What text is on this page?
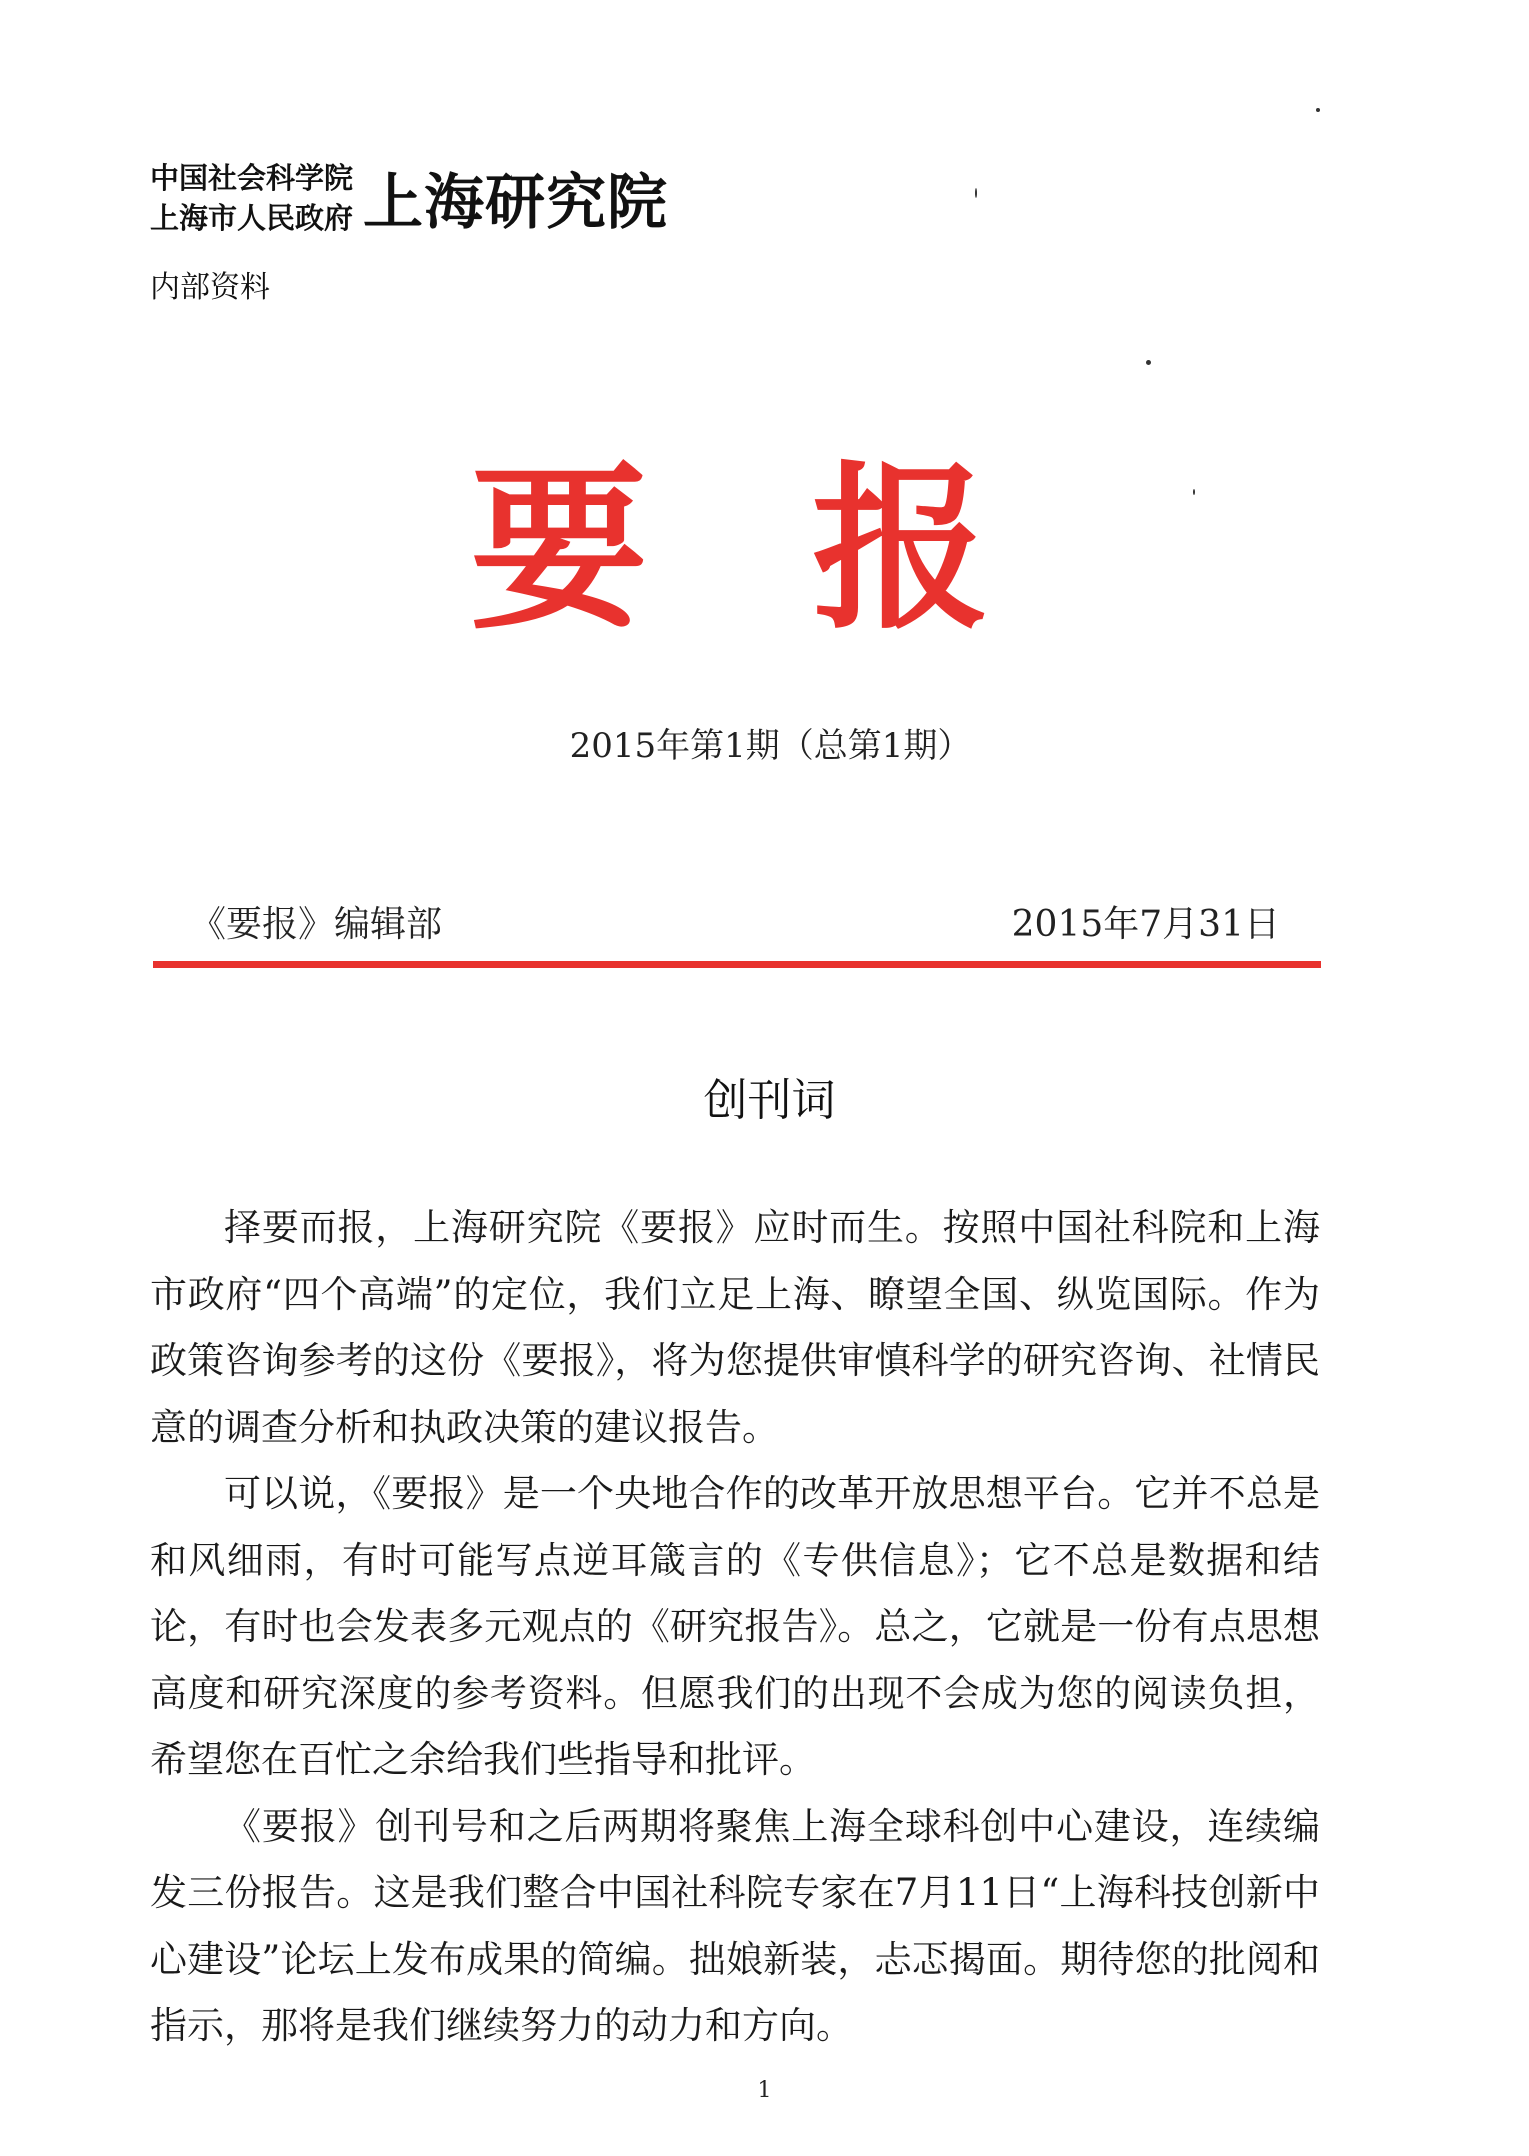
中国社会科学院
上海市人民政府 上海研究院
内部资料
要 报
2015年第1期（总第1期）
《要报》编辑部	2015年7月31日
创刊词

择要而报，上海研究院《要报》应时而生。按照中国社科院和上海市政府“四个高端”的定位，我们立足上海、瞭望全国、纵览国际。作为政策咨询参考的这份《要报》，将为您提供审慎科学的研究咨询、社情民意的调查分析和执政决策的建议报告。

可以说，《要报》是一个央地合作的改革开放思想平台。它并不总是和风细雨，有时可能写点逆耳箴言的《专供信息》；它不总是数据和结论，有时也会发表多元观点的《研究报告》。总之，它就是一份有点思想高度和研究深度的参考资料。但愿我们的出现不会成为您的阅读负担，希望您在百忙之余给我们些指导和批评。

《要报》创刊号和之后两期将聚焦上海全球科创中心建设，连续编发三份报告。这是我们整合中国社科院专家在7月11日“上海科技创新中心建设”论坛上发布成果的简编。拙娘新装，忐忑揭面。期待您的批阅和指示，那将是我们继续努力的动力和方向。

1
